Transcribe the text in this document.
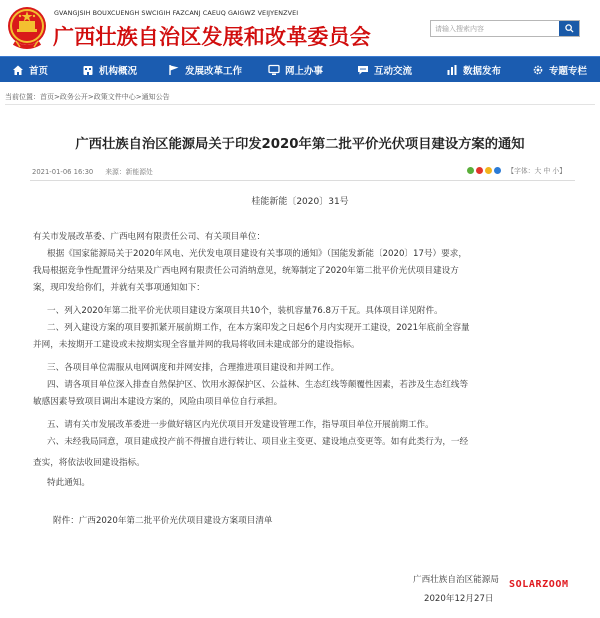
GVANGJSIH BOUXCUENGH SWCIGIH FAZCANJ CAEUQ GAIGWZ VEIJYENZVEI
广西壮族自治区发展和改革委员会
请输入搜索内容
首页	机构概况	发展改革工作	网上办事	互动交流	数据发布	专题专栏
当前位置：首页>政务公开>政策文件中心>通知公告
广西壮族自治区能源局关于印发2020年第二批平价光伏项目建设方案的通知
2021-01-06 16:30 来源：新能源处	【字体： 大
中
小 】
桂能新能〔2020〕31号
有关市发展改革委、广西电网有限责任公司、有关项目单位：
根据《国家能源局关于2020年风电、光伏发电项目建设有关事项的通知》（国能发新能〔2020〕17号）要求，
我局根据竞争性配置评分结果及广西电网有限责任公司消纳意见，统筹制定了2020年第二批平价光伏项目建设方
案，现印发给你们，并就有关事项通知如下：
一、列入2020年第二批平价光伏项目建设方案项目共10个，装机容量76.8万千瓦。具体项目详见附件。
二、列入建设方案的项目要抓紧开展前期工作，在本方案印发之日起6个月内实现开工建设，2021年底前全容量
并网，未按期开工建设或未按期实现全容量并网的我局将收回未建成部分的建设指标。
三、各项目单位需服从电网调度和并网安排，合理推进项目建设和并网工作。
四、请各项目单位深入排查自然保护区、饮用水源保护区、公益林、生态红线等颠覆性因素，若涉及生态红线等
敏感因素导致项目调出本建设方案的，风险由项目单位自行承担。
五、请有关市发展改革委进一步做好辖区内光伏项目开发建设管理工作，指导项目单位开展前期工作。
六、未经我局同意，项目建成投产前不得擅自进行转让、项目业主变更、建设地点变更等。如有此类行为，一经
查实，将依法收回建设指标。
特此通知。
附件：广西2020年第二批平价光伏项目建设方案项目清单
广西壮族自治区能源局
2020年12月27日
SOLARZOOM
